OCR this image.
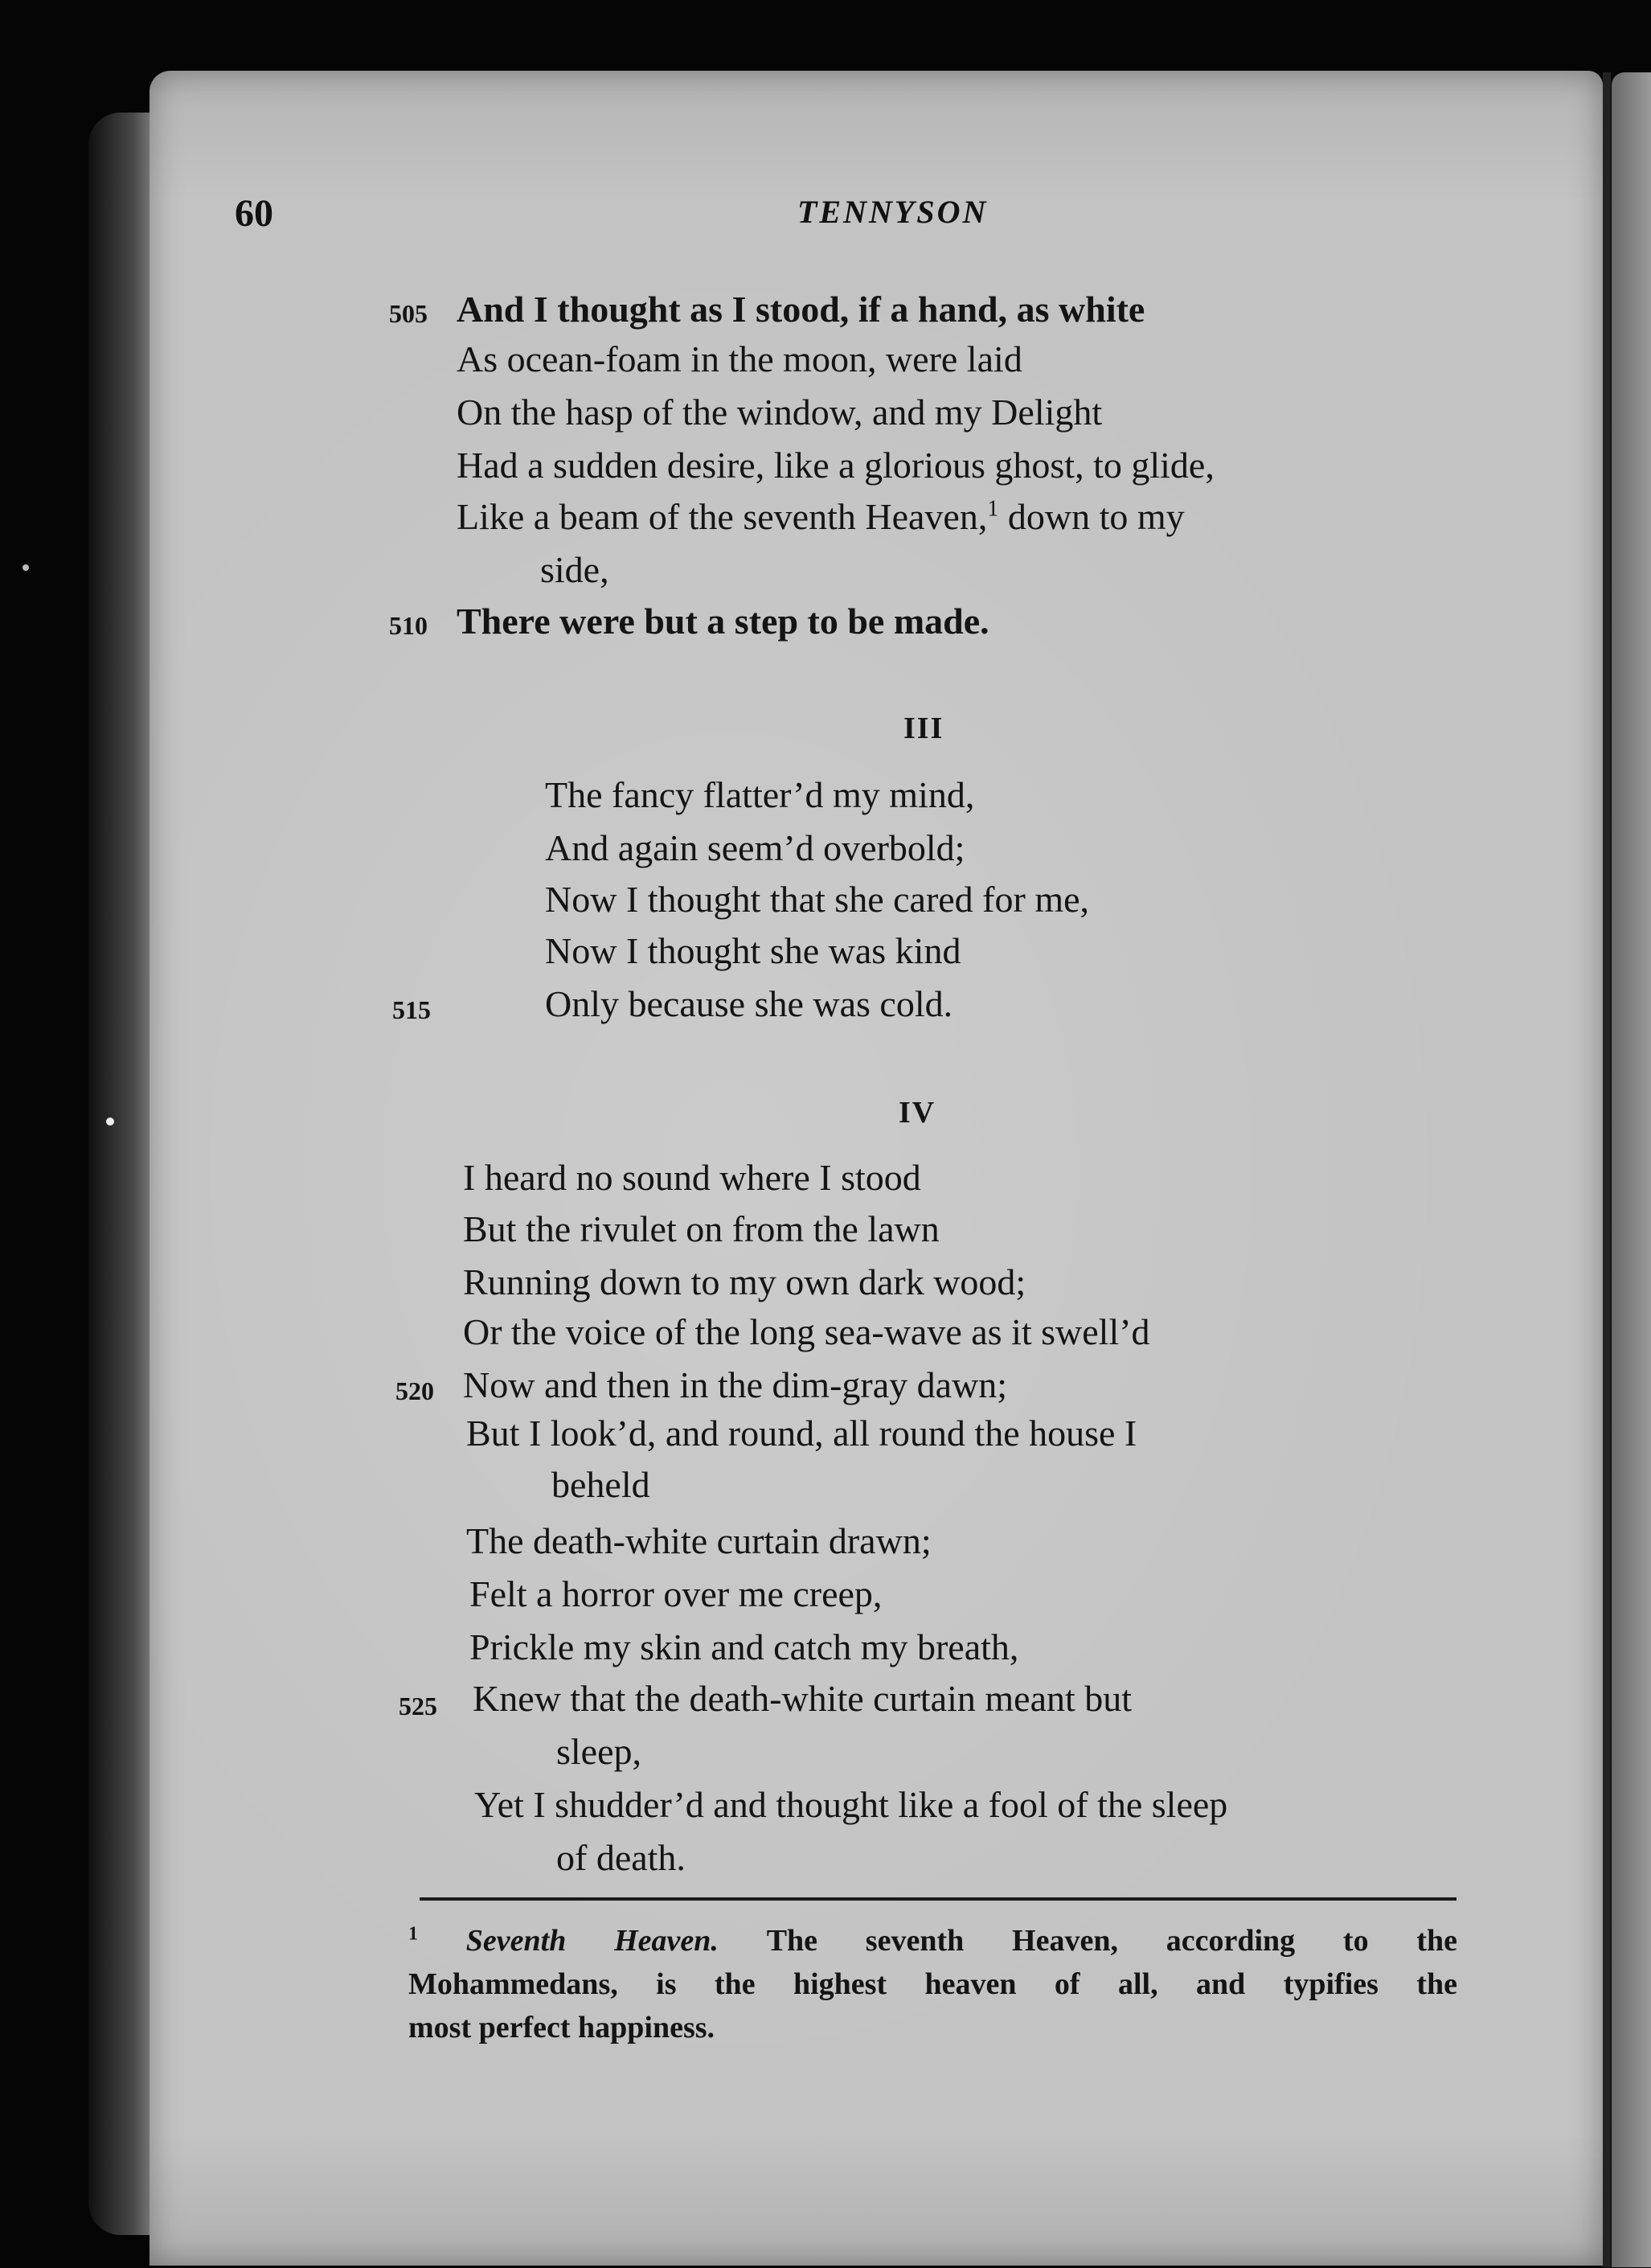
60	TENNYSON
505 And I thought as I stood, if a hand, as white
As ocean-foam in the moon, were laid
On the hasp of the window, and my Delight
Had a sudden desire, like a glorious ghost, to glide,
Like a beam of the seventh Heaven,$^1$ down to my
side,
510 There were but a step to be made.
III
The fancy flatter’d my mind,
And again seem’d overbold;
Now I thought that she cared for me,
Now I thought she was kind
515	Only because she was cold.
IV
I heard no sound where I stood
But the rivulet on from the lawn
Running down to my own dark wood;
Or the voice of the long sea-wave as it swell’d
520 Now and then in the dim-gray dawn;
But I look’d, and round, all round the house I
beheld
The death-white curtain drawn;
Felt a horror over me creep,
Prickle my skin and catch my breath,
525 Knew that the death-white curtain meant but
sleep,
Yet I shudder’d and thought like a fool of the sleep
of death.
$^1$ Seventh Heaven. The seventh Heaven, according to the
Mohammedans, is the highest heaven of all, and typifies the
most perfect happiness.
